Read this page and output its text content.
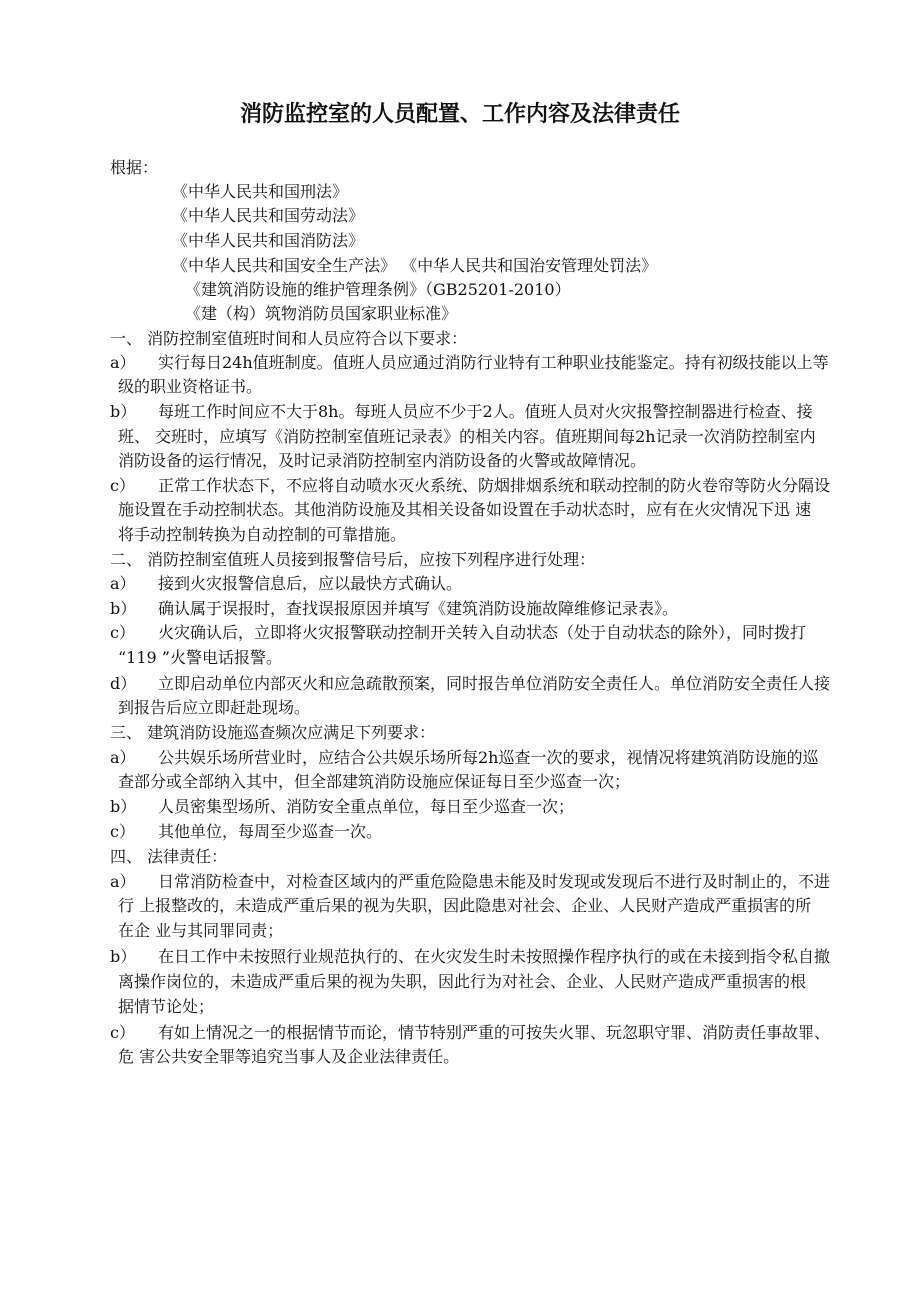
消防监控室的人员配置、工作内容及法律责任
根据：
《中华人民共和国刑法》
《中华人民共和国劳动法》
《中华人民共和国消防法》
《中华人民共和国安全生产法》 《中华人民共和国治安管理处罚法》
《建筑消防设施的维护管理条例》（GB25201-2010）
《建（构）筑物消防员国家职业标准》
一、 消防控制室值班时间和人员应符合以下要求：
a） 实行每日24h值班制度。值班人员应通过消防行业特有工种职业技能鉴定。持有初级技能以上等
级的职业资格证书。
b） 每班工作时间应不大于8h。每班人员应不少于2人。值班人员对火灾报警控制器进行检查、接
班、 交班时，应填写《消防控制室值班记录表》的相关内容。值班期间每2h记录一次消防控制室内
消防设备的运行情况，及时记录消防控制室内消防设备的火警或故障情况。
c） 正常工作状态下，不应将自动喷水灭火系统、防烟排烟系统和联动控制的防火卷帘等防火分隔设
施设置在手动控制状态。其他消防设施及其相关设备如设置在手动状态时，应有在火灾情况下迅 速
将手动控制转换为自动控制的可靠措施。
二、 消防控制室值班人员接到报警信号后，应按下列程序进行处理：
a） 接到火灾报警信息后，应以最快方式确认。
b） 确认属于误报时，查找误报原因并填写《建筑消防设施故障维修记录表》。
c） 火灾确认后，立即将火灾报警联动控制开关转入自动状态（处于自动状态的除外），同时拨打
“119 ”火警电话报警。
d） 立即启动单位内部灭火和应急疏散预案，同时报告单位消防安全责任人。单位消防安全责任人接
到报告后应立即赶赴现场。
三、 建筑消防设施巡查频次应满足下列要求：
a） 公共娱乐场所营业时，应结合公共娱乐场所每2h巡查一次的要求，视情况将建筑消防设施的巡
查部分或全部纳入其中，但全部建筑消防设施应保证每日至少巡查一次；
b） 人员密集型场所、消防安全重点单位，每日至少巡查一次；
c） 其他单位，每周至少巡查一次。
四、 法律责任：
a） 日常消防检查中，对检查区域内的严重危险隐患未能及时发现或发现后不进行及时制止的，不进
行 上报整改的，未造成严重后果的视为失职，因此隐患对社会、企业、人民财产造成严重损害的所
在企 业与其同罪同责；
b） 在日工作中未按照行业规范执行的、在火灾发生时未按照操作程序执行的或在未接到指令私自撤
离操作岗位的，未造成严重后果的视为失职，因此行为对社会、企业、人民财产造成严重损害的根
据情节论处；
c） 有如上情况之一的根据情节而论，情节特别严重的可按失火罪、玩忽职守罪、消防责任事故罪、
危 害公共安全罪等追究当事人及企业法律责任。
